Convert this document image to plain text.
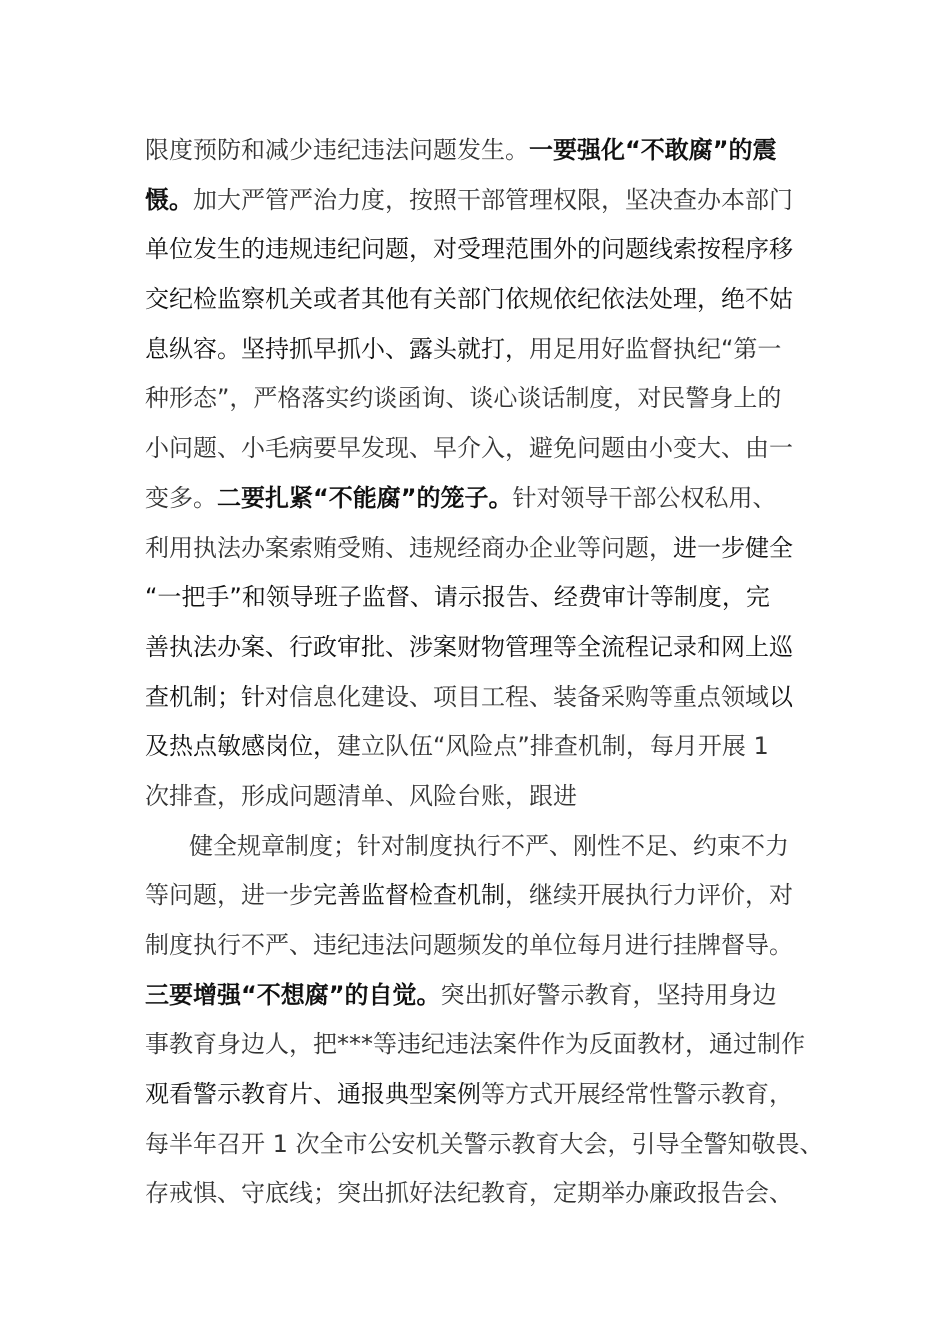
限度预防和减少违纪违法问题发生。一要强化“不敢腐”的震
慑。加大严管严治力度，按照干部管理权限，坚决查办本部门
单位发生的违规违纪问题，对受理范围外的问题线索按程序移
交纪检监察机关或者其他有关部门依规依纪依法处理，绝不姑
息纵容。坚持抓早抓小、露头就打，用足用好监督执纪“第一
种形态”，严格落实约谈函询、谈心谈话制度，对民警身上的
小问题、小毛病要早发现、早介入，避免问题由小变大、由一
变多。二要扎紧“不能腐”的笼子。针对领导干部公权私用、
利用执法办案索贿受贿、违规经商办企业等问题，进一步健全
“一把手”和领导班子监督、请示报告、经费审计等制度，完
善执法办案、行政审批、涉案财物管理等全流程记录和网上巡
查机制；针对信息化建设、项目工程、装备采购等重点领域以
及热点敏感岗位，建立队伍“风险点”排查机制，每月开展 1
次排查，形成问题清单、风险台账，跟进
健全规章制度；针对制度执行不严、刚性不足、约束不力
等问题，进一步完善监督检查机制，继续开展执行力评价，对
制度执行不严、违纪违法问题频发的单位每月进行挂牌督导。
三要增强“不想腐”的自觉。突出抓好警示教育，坚持用身边
事教育身边人，把***等违纪违法案件作为反面教材，通过制作
观看警示教育片、通报典型案例等方式开展经常性警示教育，
每半年召开 1 次全市公安机关警示教育大会，引导全警知敬畏、
存戒惧、守底线；突出抓好法纪教育，定期举办廉政报告会、
